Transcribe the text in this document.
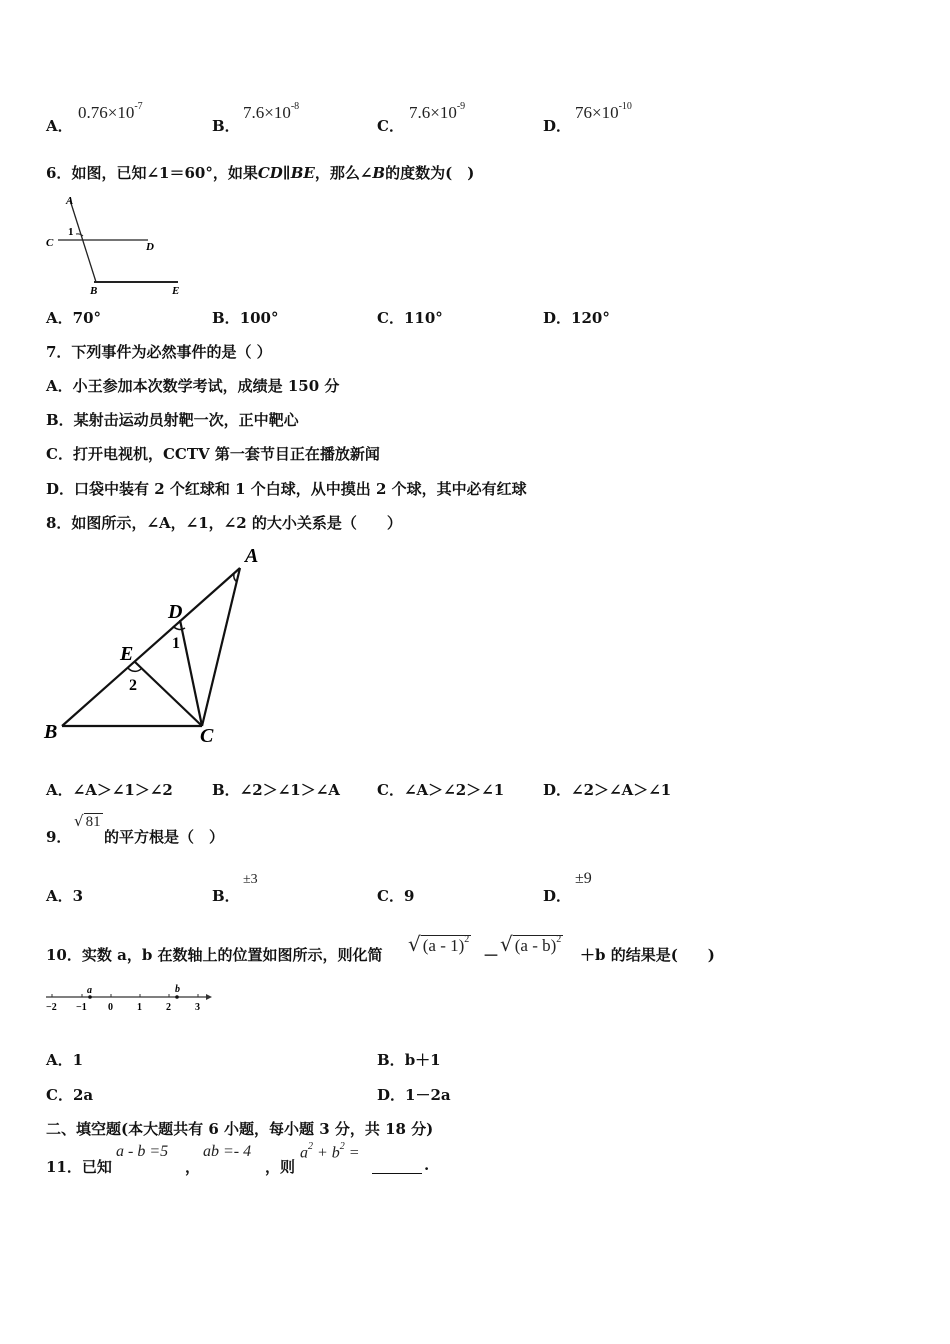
A．
$0.76\times 10^{-7}$
B．
$7.6\times 10^{-8}$
C．
$7.6\times 10^{-9}$
D．
$76\times 10^{-10}$
6．如图，已知∠1＝60°，如果CD∥BE，那么∠B的度数为(　)
A
C	D
B	E
1
A．70°	B．100°	C．110°	D．120°
7．下列事件为必然事件的是（ ）
A．小王参加本次数学考试，成绩是 150 分
B．某射击运动员射靶一次，正中靶心
C．打开电视机，CCTV 第一套节目正在播放新闻
D．口袋中装有 2 个红球和 1 个白球，从中摸出 2 个球，其中必有红球
8．如图所示，∠A，∠1，∠2 的大小关系是（　　）
A
D
E
B	C
1
2
A．∠A＞∠1＞∠2	B．∠2＞∠1＞∠A C．∠A＞∠2＞∠1	D．∠2＞∠A＞∠1
9．
√ 81
的平方根是（　）
A．3	B．
±3
C．9	D．
±9
10．实数 a，b 在数轴上的位置如图所示，则化简 √ (a - 1)$^2$
－ √ (a - b)$^2$
＋b 的结果是(　　)
a	b
−2 −1 0 1 2 3
A．1	B．b＋1
C．2a	D．1－2a
二、填空题(本大题共有 6 小题，每小题 3 分，共 18 分)
11．已知
a - b =5
，
ab =- 4
，则
$a^2 + b^2$ =
.
